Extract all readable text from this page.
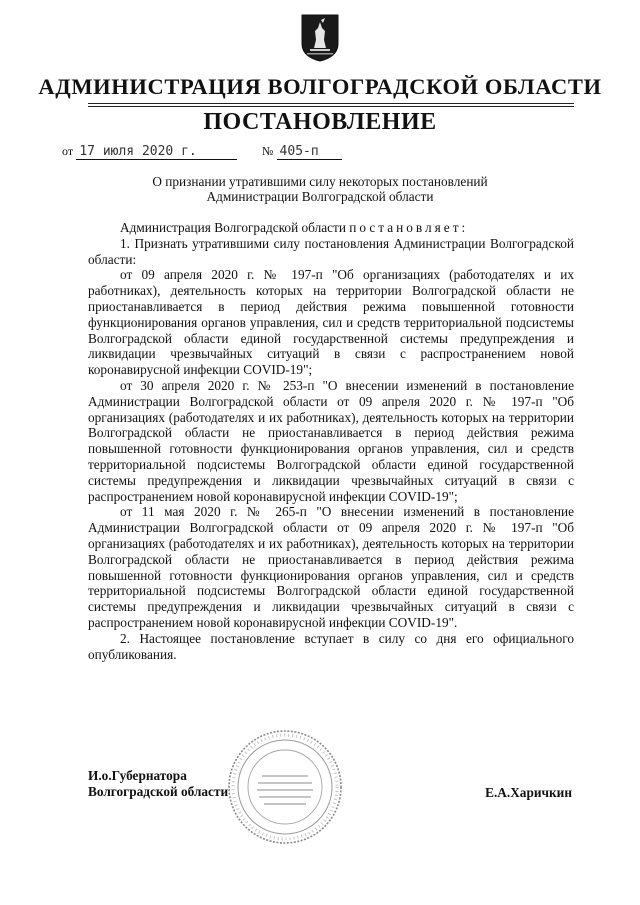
АДМИНИСТРАЦИЯ ВОЛГОГРАДСКОЙ ОБЛАСТИ
ПОСТАНОВЛЕНИЕ
от 17 июля 2020 г.	№ 405-п
О признании утратившими силу некоторых постановлений
Администрации Волгоградской области

Администрация Волгоградской области постановляет:

1. Признать утратившими силу постановления Администрации Волгоградской области:

от 09 апреля 2020 г. № 197-п "Об организациях (работодателях и их работниках), деятельность которых на территории Волгоградской области не приостанавливается в период действия режима повышенной готовности функционирования органов управления, сил и средств территориальной подсистемы Волгоградской области единой государственной системы предупреждения и ликвидации чрезвычайных ситуаций в связи с распространением новой коронавирусной инфекции COVID-19";

от 30 апреля 2020 г. № 253-п "О внесении изменений в постановление Администрации Волгоградской области от 09 апреля 2020 г. № 197-п "Об организациях (работодателях и их работниках), деятельность которых на территории Волгоградской области не приостанавливается в период действия режима повышенной готовности функционирования органов управления, сил и средств территориальной подсистемы Волгоградской области единой государственной системы предупреждения и ликвидации чрезвычайных ситуаций в связи с распространением новой коронавирусной инфекции COVID-19";

от 11 мая 2020 г. № 265-п "О внесении изменений в постановление Администрации Волгоградской области от 09 апреля 2020 г. № 197-п "Об организациях (работодателях и их работниках), деятельность которых на территории Волгоградской области не приостанавливается в период действия режима повышенной готовности функционирования органов управления, сил и средств территориальной подсистемы Волгоградской области единой государственной системы предупреждения и ликвидации чрезвычайных ситуаций в связи с распространением новой коронавирусной инфекции COVID-19".

2. Настоящее постановление вступает в силу со дня его официального опубликования.

И.о.Губернатора
Волгоградской области	Е.А.Харичкин
